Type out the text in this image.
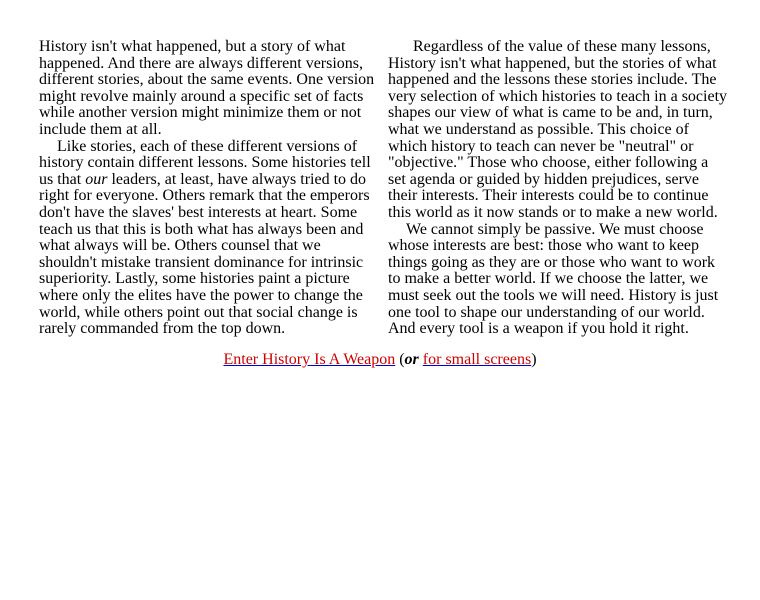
History isn't what happened, but a story of what happened. And there are always different versions, different stories, about the same events. One version might revolve mainly around a specific set of facts while another version might minimize them or not include them at all.

Like stories, each of these different versions of history contain different lessons. Some histories tell us that our leaders, at least, have always tried to do right for everyone. Others remark that the emperors don't have the slaves' best interests at heart. Some teach us that this is both what has always been and what always will be. Others counsel that we shouldn't mistake transient dominance for intrinsic superiority. Lastly, some histories paint a picture where only the elites have the power to change the world, while others point out that social change is rarely commanded from the top down.

Regardless of the value of these many lessons, History isn't what happened, but the stories of what happened and the lessons these stories include. The very selection of which histories to teach in a society shapes our view of what is came to be and, in turn, what we understand as possible. This choice of which history to teach can never be "neutral" or "objective." Those who choose, either following a set agenda or guided by hidden prejudices, serve their interests. Their interests could be to continue this world as it now stands or to make a new world.

We cannot simply be passive. We must choose whose interests are best: those who want to keep things going as they are or those who want to work to make a better world. If we choose the latter, we must seek out the tools we will need. History is just one tool to shape our understanding of our world. And every tool is a weapon if you hold it right.

Enter History Is A Weapon (or for small screens)
